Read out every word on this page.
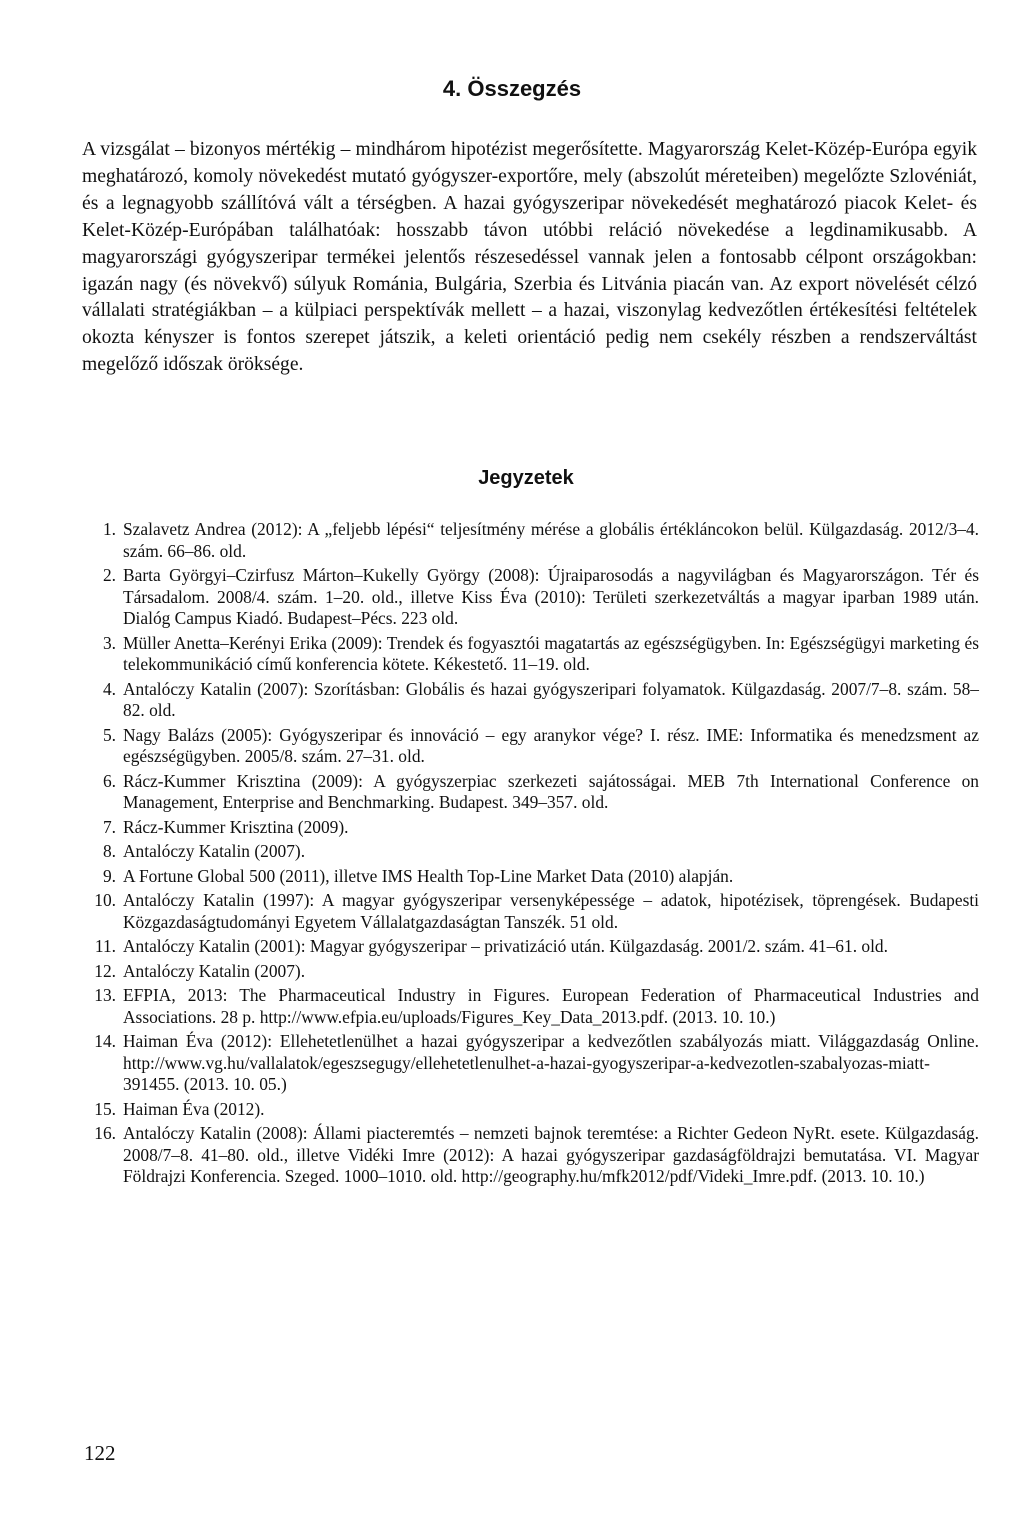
4. Összegzés

A vizsgálat – bizonyos mértékig – mindhárom hipotézist megerősítette. Magyarország Kelet-Közép-Európa egyik meghatározó, komoly növekedést mutató gyógyszer-exportőre, mely (abszolút méreteiben) megelőzte Szlovéniát, és a legnagyobb szállítóvá vált a térségben. A hazai gyógyszeripar növekedését meghatározó piacok Kelet- és Kelet-Közép-Európában találhatóak: hosszabb távon utóbbi reláció növekedése a legdinamikusabb. A magyarországi gyógyszeripar termékei jelentős részesedéssel vannak jelen a fontosabb célpont országokban: igazán nagy (és növekvő) súlyuk Románia, Bulgária, Szerbia és Litvánia piacán van. Az export növelését célzó vállalati stratégiákban – a külpiaci perspektívák mellett – a hazai, viszonylag kedvezőtlen értékesítési feltételek okozta kényszer is fontos szerepet játszik, a keleti orientáció pedig nem csekély részben a rendszerváltást megelőző időszak öröksége.

Jegyzetek
1. Szalavetz Andrea (2012): A „feljebb lépési“ teljesítmény mérése a globális értékláncokon belül. Külgazdaság. 2012/3–4. szám. 66–86. old.
2. Barta Györgyi–Czirfusz Márton–Kukelly György (2008): Újraiparosodás a nagyvilágban és Magyarországon. Tér és Társadalom. 2008/4. szám. 1–20. old., illetve Kiss Éva (2010): Területi szerkezetváltás a magyar iparban 1989 után. Dialóg Campus Kiadó. Budapest–Pécs. 223 old.
3. Müller Anetta–Kerényi Erika (2009): Trendek és fogyasztói magatartás az egészségügyben. In: Egészségügyi marketing és telekommunikáció című konferencia kötete. Kékestető. 11–19. old.
4. Antalóczy Katalin (2007): Szorításban: Globális és hazai gyógyszeripari folyamatok. Külgazdaság. 2007/7–8. szám. 58–82. old.
5. Nagy Balázs (2005): Gyógyszeripar és innováció – egy aranykor vége? I. rész. IME: Informatika és menedzsment az egészségügyben. 2005/8. szám. 27–31. old.
6. Rácz-Kummer Krisztina (2009): A gyógyszerpiac szerkezeti sajátosságai. MEB 7th International Conference on Management, Enterprise and Benchmarking. Budapest. 349–357. old.
7. Rácz-Kummer Krisztina (2009).
8. Antalóczy Katalin (2007).
9. A Fortune Global 500 (2011), illetve IMS Health Top-Line Market Data (2010) alapján.
10. Antalóczy Katalin (1997): A magyar gyógyszeripar versenyképessége – adatok, hipotézisek, töprengések. Budapesti Közgazdaságtudományi Egyetem Vállalatgazdaságtan Tanszék. 51 old.
11. Antalóczy Katalin (2001): Magyar gyógyszeripar – privatizáció után. Külgazdaság. 2001/2. szám. 41–61. old.
12. Antalóczy Katalin (2007).
13. EFPIA, 2013: The Pharmaceutical Industry in Figures. European Federation of Pharmaceutical Industries and Associations. 28 p. http://www.efpia.eu/uploads/Figures_Key_Data_2013.pdf. (2013. 10. 10.)
14. Haiman Éva (2012): Ellehetetlenülhet a hazai gyógyszeripar a kedvezőtlen szabályozás miatt. Világgazdaság Online. http://www.vg.hu/vallalatok/egeszsegugy/ellehetetlenulhet-a-hazai-gyogyszeripar-a-kedvezotlen-szabalyozas-miatt-391455. (2013. 10. 05.)
15. Haiman Éva (2012).
16. Antalóczy Katalin (2008): Állami piacteremtés – nemzeti bajnok teremtése: a Richter Gedeon NyRt. esete. Külgazdaság. 2008/7–8. 41–80. old., illetve Vidéki Imre (2012): A hazai gyógyszeripar gazdaságföldrajzi bemutatása. VI. Magyar Földrajzi Konferencia. Szeged. 1000–1010. old. http://geography.hu/mfk2012/pdf/Videki_Imre.pdf. (2013. 10. 10.)

122
